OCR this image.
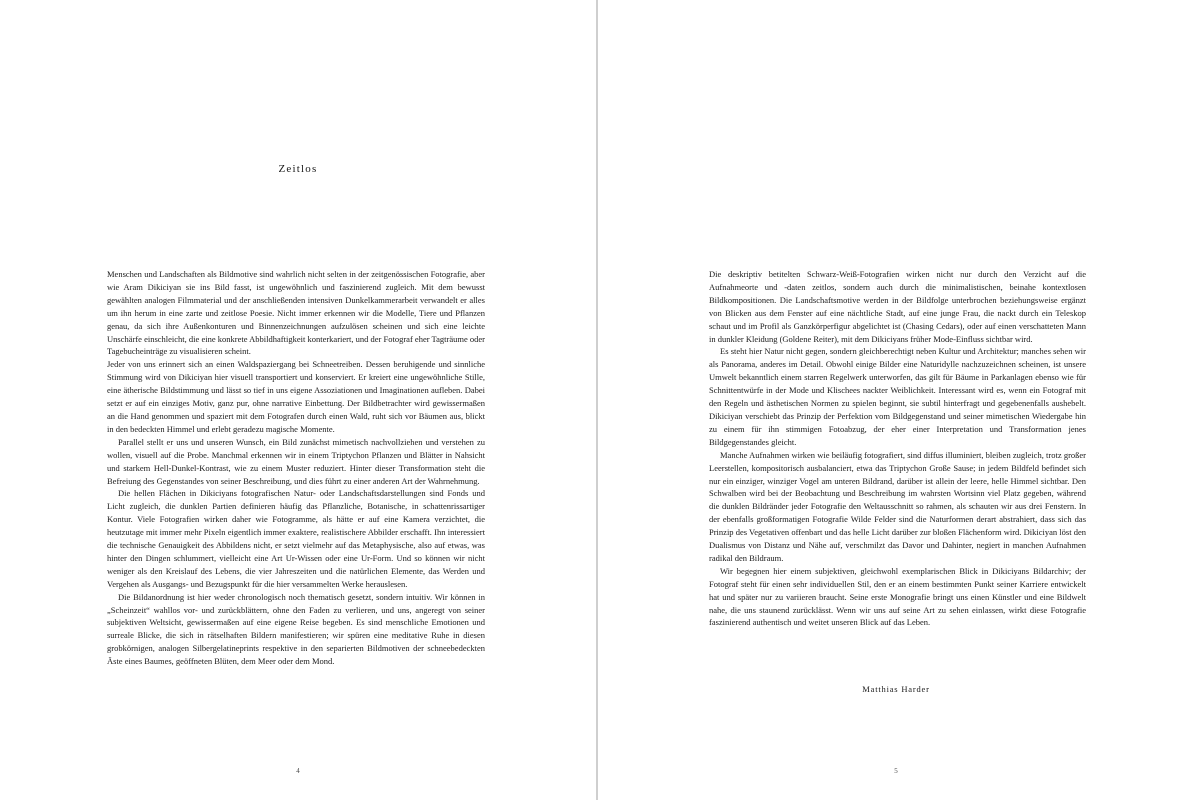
Zeitlos

Menschen und Landschaften als Bildmotive sind wahrlich nicht selten in der zeitgenössischen Fotografie, aber wie Aram Dikiciyan sie ins Bild fasst, ist ungewöhnlich und faszinierend zugleich. Mit dem bewusst gewählten analogen Filmmaterial und der anschließenden intensiven Dunkelkammerarbeit verwandelt er alles um ihn herum in eine zarte und zeitlose Poesie. Nicht immer erkennen wir die Modelle, Tiere und Pflanzen genau, da sich ihre Außenkonturen und Binnenzeichnungen aufzulösen scheinen und sich eine leichte Unschärfe einschleicht, die eine konkrete Abbildhaftigkeit konterkariert, und der Fotograf eher Tagträume oder Tagebucheinträge zu visualisieren scheint.

Jeder von uns erinnert sich an einen Waldspaziergang bei Schneetreiben. Dessen beruhigende und sinnliche Stimmung wird von Dikiciyan hier visuell transportiert und konserviert. Er kreiert eine ungewöhnliche Stille, eine ätherische Bildstimmung und lässt so tief in uns eigene Assoziationen und Imaginationen aufleben. Dabei setzt er auf ein einziges Motiv, ganz pur, ohne narrative Einbettung. Der Bildbetrachter wird gewissermaßen an die Hand genommen und spaziert mit dem Fotografen durch einen Wald, ruht sich vor Bäumen aus, blickt in den bedeckten Himmel und erlebt geradezu magische Momente.

Parallel stellt er uns und unseren Wunsch, ein Bild zunächst mimetisch nachvollziehen und verstehen zu wollen, visuell auf die Probe. Manchmal erkennen wir in einem Triptychon Pflanzen und Blätter in Nahsicht und starkem Hell-Dunkel-Kontrast, wie zu einem Muster reduziert. Hinter dieser Transformation steht die Befreiung des Gegenstandes von seiner Beschreibung, und dies führt zu einer anderen Art der Wahrnehmung.

Die hellen Flächen in Dikiciyans fotografischen Natur- oder Landschaftsdarstellungen sind Fonds und Licht zugleich, die dunklen Partien definieren häufig das Pflanzliche, Botanische, in schattenrissartiger Kontur. Viele Fotografien wirken daher wie Fotogramme, als hätte er auf eine Kamera verzichtet, die heutzutage mit immer mehr Pixeln eigentlich immer exaktere, realistischere Abbilder erschafft. Ihn interessiert die technische Genauigkeit des Abbildens nicht, er setzt vielmehr auf das Metaphysische, also auf etwas, was hinter den Dingen schlummert, vielleicht eine Art Ur-Wissen oder eine Ur-Form. Und so können wir nicht weniger als den Kreislauf des Lebens, die vier Jahreszeiten und die natürlichen Elemente, das Werden und Vergehen als Ausgangs- und Bezugspunkt für die hier versammelten Werke herauslesen.

Die Bildanordnung ist hier weder chronologisch noch thematisch gesetzt, sondern intuitiv. Wir können in „Scheinzeit“ wahllos vor- und zurückblättern, ohne den Faden zu verlieren, und uns, angeregt von seiner subjektiven Weltsicht, gewissermaßen auf eine eigene Reise begeben. Es sind menschliche Emotionen und surreale Blicke, die sich in rätselhaften Bildern manifestieren; wir spüren eine meditative Ruhe in diesen grobkörnigen, analogen Silbergelatineprints respektive in den separierten Bildmotiven der schneebedeckten Äste eines Baumes, geöffneten Blüten, dem Meer oder dem Mond.

4

Die deskriptiv betitelten Schwarz-Weiß-Fotografien wirken nicht nur durch den Verzicht auf die Aufnahmeorte und -daten zeitlos, sondern auch durch die minimalistischen, beinahe kontextlosen Bildkompositionen. Die Landschaftsmotive werden in der Bildfolge unterbrochen beziehungsweise ergänzt von Blicken aus dem Fenster auf eine nächtliche Stadt, auf eine junge Frau, die nackt durch ein Teleskop schaut und im Profil als Ganzkörperfigur abgelichtet ist (Chasing Cedars), oder auf einen verschatteten Mann in dunkler Kleidung (Goldene Reiter), mit dem Dikiciyans früher Mode-Einfluss sichtbar wird.

Es steht hier Natur nicht gegen, sondern gleichberechtigt neben Kultur und Architektur; manches sehen wir als Panorama, anderes im Detail. Obwohl einige Bilder eine Naturidylle nachzuzeichnen scheinen, ist unsere Umwelt bekanntlich einem starren Regelwerk unterworfen, das gilt für Bäume in Parkanlagen ebenso wie für Schnittentwürfe in der Mode und Klischees nackter Weiblichkeit. Interessant wird es, wenn ein Fotograf mit den Regeln und ästhetischen Normen zu spielen beginnt, sie subtil hinterfragt und gegebenenfalls aushebelt. Dikiciyan verschiebt das Prinzip der Perfektion vom Bildgegenstand und seiner mimetischen Wiedergabe hin zu einem für ihn stimmigen Fotoabzug, der eher einer Interpretation und Transformation jenes Bildgegenstandes gleicht.

Manche Aufnahmen wirken wie beiläufig fotografiert, sind diffus illuminiert, bleiben zugleich, trotz großer Leerstellen, kompositorisch ausbalanciert, etwa das Triptychon Große Sause; in jedem Bildfeld befindet sich nur ein einziger, winziger Vogel am unteren Bildrand, darüber ist allein der leere, helle Himmel sichtbar. Den Schwalben wird bei der Beobachtung und Beschreibung im wahrsten Wortsinn viel Platz gegeben, während die dunklen Bildränder jeder Fotografie den Weltausschnitt so rahmen, als schauten wir aus drei Fenstern. In der ebenfalls großformatigen Fotografie Wilde Felder sind die Naturformen derart abstrahiert, dass sich das Prinzip des Vegetativen offenbart und das helle Licht darüber zur bloßen Flächenform wird. Dikiciyan löst den Dualismus von Distanz und Nähe auf, verschmilzt das Davor und Dahinter, negiert in manchen Aufnahmen radikal den Bildraum.

Wir begegnen hier einem subjektiven, gleichwohl exemplarischen Blick in Dikiciyans Bildarchiv; der Fotograf steht für einen sehr individuellen Stil, den er an einem bestimmten Punkt seiner Karriere entwickelt hat und später nur zu variieren braucht. Seine erste Monografie bringt uns einen Künstler und eine Bildwelt nahe, die uns staunend zurücklässt. Wenn wir uns auf seine Art zu sehen einlassen, wirkt diese Fotografie faszinierend authentisch und weitet unseren Blick auf das Leben.

Matthias Harder
5
